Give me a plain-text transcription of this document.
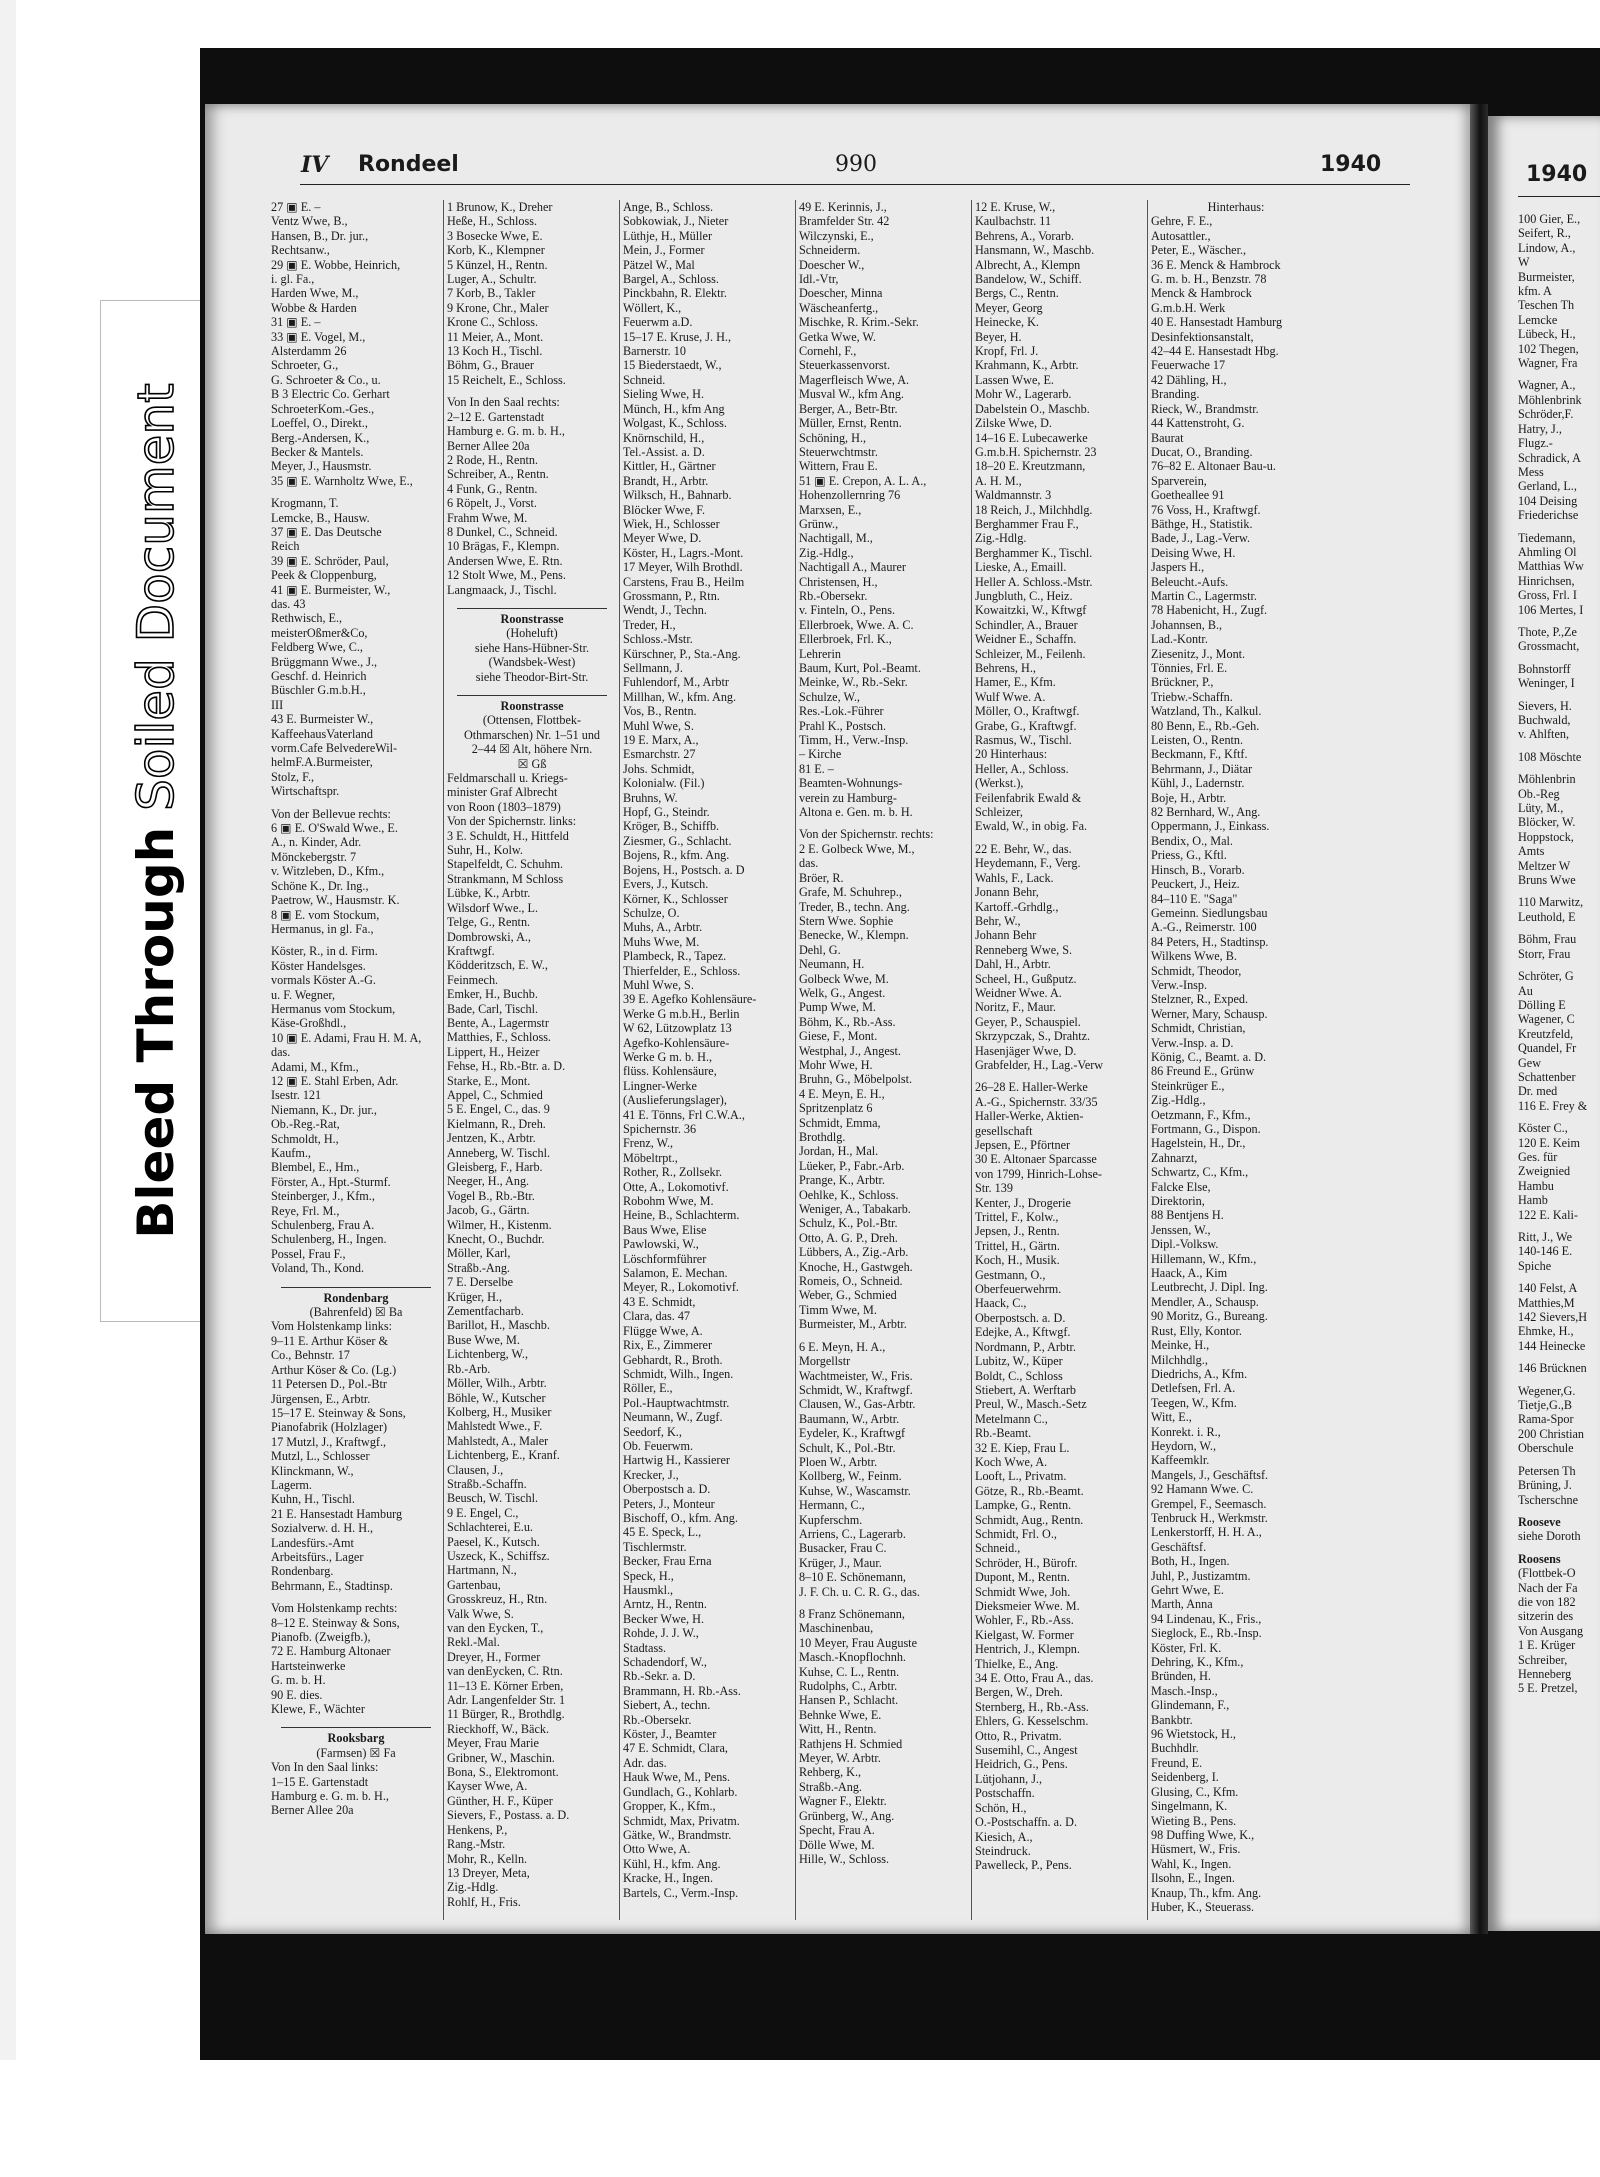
Bleed Through Soiled Document
IV Rondeel	990	1940
27 ▣ E. –
Ventz Wwe, B.,
Hansen, B., Dr. jur.,
Rechtsanw.,
29 ▣ E. Wobbe, Heinrich,
i. gl. Fa.,
Harden Wwe, M.,
Wobbe & Harden
31 ▣ E. –
33 ▣ E. Vogel, M.,
Alsterdamm 26
Schroeter, G.,
G. Schroeter & Co., u.
B 3 Electric Co. Gerhart
SchroeterKom.-Ges.,
Loeffel, O., Direkt.,
Berg.-Andersen, K.,
Becker & Mantels.
Meyer, J., Hausmstr.
35 ▣ E. Warnholtz Wwe, E.,
Krogmann, T.
Lemcke, B., Hausw.
37 ▣ E. Das Deutsche
Reich
39 ▣ E. Schröder, Paul,
Peek & Cloppenburg,
41 ▣ E. Burmeister, W.,
das. 43
Rethwisch, E.,
meisterOßmer&Co,
Feldberg Wwe, C.,
Brüggmann Wwe., J.,
Geschf. d. Heinrich
Büschler G.m.b.H.,
III
43 E. Burmeister W.,
KaffeehausVaterland
vorm.Cafe BelvedereWil-
helmF.A.Burmeister,
Stolz, F.,
Wirtschaftspr.
Von der Bellevue rechts:
6 ▣ E. O'Swald Wwe., E.
A., n. Kinder, Adr.
Mönckebergstr. 7
v. Witzleben, D., Kfm.,
Schöne K., Dr. Ing.,
Paetrow, W., Hausmstr. K.
8 ▣ E. vom Stockum,
Hermanus, in gl. Fa.,
Köster, R., in d. Firm.
Köster Handelsges.
vormals Köster A.-G.
u. F. Wegner,
Hermanus vom Stockum,
Käse-Großhdl.,
10 ▣ E. Adami, Frau H. M. A,
das.
Adami, M., Kfm.,
12 ▣ E. Stahl Erben, Adr.
Isestr. 121
Niemann, K., Dr. jur.,
Ob.-Reg.-Rat,
Schmoldt, H.,
Kaufm.,
Blembel, E., Hm.,
Förster, A., Hpt.-Sturmf.
Steinberger, J., Kfm.,
Reye, Frl. M.,
Schulenberg, Frau A.
Schulenberg, H., Ingen.
Possel, Frau F.,
Voland, Th., Kond.
Rondenbarg
(Bahrenfeld) ☒ Ba
Vom Holstenkamp links:
9–11 E. Arthur Köser &
Co., Behnstr. 17
Arthur Köser & Co. (Lg.)
11 Petersen D., Pol.-Btr
Jürgensen, E., Arbtr.
15–17 E. Steinway & Sons,
Pianofabrik (Holzlager)
17 Mutzl, J., Kraftwgf.,
Mutzl, L., Schlosser
Klinckmann, W.,
Lagerm.
Kuhn, H., Tischl.
21 E. Hansestadt Hamburg
Sozialverw. d. H. H.,
Landesfürs.-Amt
Arbeitsfürs., Lager
Rondenbarg.
Behrmann, E., Stadtinsp.
Vom Holstenkamp rechts:
8–12 E. Steinway & Sons,
Pianofb. (Zweigfb.),
72 E. Hamburg Altonaer
Hartsteinwerke
G. m. b. H.
90 E. dies.
Klewe, F., Wächter
Rooksbarg
(Farmsen) ☒ Fa
Von In den Saal links:
1–15 E. Gartenstadt
Hamburg e. G. m. b. H.,
Berner Allee 20a
1 Brunow, K., Dreher
Heße, H., Schloss.
3 Bosecke Wwe, E.
Korb, K., Klempner
5 Künzel, H., Rentn.
Luger, A., Schultr.
7 Korb, B., Takler
9 Krone, Chr., Maler
Krone C., Schloss.
11 Meier, A., Mont.
13 Koch H., Tischl.
Böhm, G., Brauer
15 Reichelt, E., Schloss.
Von In den Saal rechts:
2–12 E. Gartenstadt
Hamburg e. G. m. b. H.,
Berner Allee 20a
2 Rode, H., Rentn.
Schreiber, A., Rentn.
4 Funk, G., Rentn.
6 Röpelt, J., Vorst.
Frahm Wwe, M.
8 Dunkel, C., Schneid.
10 Brägas, F., Klempn.
Andersen Wwe, E. Rtn.
12 Stolt Wwe, M., Pens.
Langmaack, J., Tischl.
Roonstrasse
(Hoheluft)
siehe Hans-Hübner-Str.
(Wandsbek-West)
siehe Theodor-Birt-Str.
Roonstrasse
(Ottensen, Flottbek-
Othmarschen) Nr. 1–51 und
2–44 ☒ Alt, höhere Nrn.
☒ Gß
Feldmarschall u. Kriegs-
minister Graf Albrecht
von Roon (1803–1879)
Von der Spichernstr. links:
3 E. Schuldt, H., Hittfeld
Suhr, H., Kolw.
Stapelfeldt, C. Schuhm.
Strankmann, M Schloss
Lübke, K., Arbtr.
Wilsdorf Wwe., L.
Telge, G., Rentn.
Dombrowski, A.,
Kraftwgf.
Ködderitzsch, E. W.,
Feinmech.
Emker, H., Buchb.
Bade, Carl, Tischl.
Bente, A., Lagermstr
Matthies, F., Schloss.
Lippert, H., Heizer
Fehse, H., Rb.-Btr. a. D.
Starke, E., Mont.
Appel, C., Schmied
5 E. Engel, C., das. 9
Kielmann, R., Dreh.
Jentzen, K., Arbtr.
Anneberg, W. Tischl.
Gleisberg, F., Harb.
Neeger, H., Ang.
Vogel B., Rb.-Btr.
Jacob, G., Gärtn.
Wilmer, H., Kistenm.
Knecht, O., Buchdr.
Möller, Karl,
Straßb.-Ang.
7 E. Derselbe
Krüger, H.,
Zementfacharb.
Barillot, H., Maschb.
Buse Wwe, M.
Lichtenberg, W.,
Rb.-Arb.
Möller, Wilh., Arbtr.
Böhle, W., Kutscher
Kolberg, H., Musiker
Mahlstedt Wwe., F.
Mahlstedt, A., Maler
Lichtenberg, E., Kranf.
Clausen, J.,
Straßb.-Schaffn.
Beusch, W. Tischl.
9 E. Engel, C.,
Schlachterei, E.u.
Paesel, K., Kutsch.
Uszeck, K., Schiffsz.
Hartmann, N.,
Gartenbau,
Grosskreuz, H., Rtn.
Valk Wwe, S.
van den Eycken, T.,
Rekl.-Mal.
Dreyer, H., Former
van denEycken, C. Rtn.
11–13 E. Körner Erben,
Adr. Langenfelder Str. 1
11 Bürger, R., Brothdlg.
Rieckhoff, W., Bäck.
Meyer, Frau Marie
Gribner, W., Maschin.
Bona, S., Elektromont.
Kayser Wwe, A.
Günther, H. F., Küper
Sievers, F., Postass. a. D.
Henkens, P.,
Rang.-Mstr.
Mohr, R., Kelln.
13 Dreyer, Meta,
Zig.-Hdlg.
Rohlf, H., Fris.
Ange, B., Schloss.
Sobkowiak, J., Nieter
Lüthje, H., Müller
Mein, J., Former
Pätzel W., Mal
Bargel, A., Schloss.
Pinckbahn, R. Elektr.
Wöllert, K.,
Feuerwm a.D.
15–17 E. Kruse, J. H.,
Barnerstr. 10
15 Biederstaedt, W.,
Schneid.
Sieling Wwe, H.
Münch, H., kfm Ang
Wolgast, K., Schloss.
Knörnschild, H.,
Tel.-Assist. a. D.
Kittler, H., Gärtner
Brandt, H., Arbtr.
Wilksch, H., Bahnarb.
Blöcker Wwe, F.
Wiek, H., Schlosser
Meyer Wwe, D.
Köster, H., Lagrs.-Mont.
17 Meyer, Wilh Brothdl.
Carstens, Frau B., Heilm
Grossmann, P., Rtn.
Wendt, J., Techn.
Treder, H.,
Schloss.-Mstr.
Kürschner, P., Sta.-Ang.
Sellmann, J.
Fuhlendorf, M., Arbtr
Millhan, W., kfm. Ang.
Vos, B., Rentn.
Muhl Wwe, S.
19 E. Marx, A.,
Esmarchstr. 27
Johs. Schmidt,
Kolonialw. (Fil.)
Bruhns, W.
Hopf, G., Steindr.
Kröger, B., Schiffb.
Ziesmer, G., Schlacht.
Bojens, R., kfm. Ang.
Bojens, H., Postsch. a. D
Evers, J., Kutsch.
Körner, K., Schlosser
Schulze, O.
Muhs, A., Arbtr.
Muhs Wwe, M.
Plambeck, R., Tapez.
Thierfelder, E., Schloss.
Muhl Wwe, S.
39 E. Agefko Kohlensäure-
Werke G m.b.H., Berlin
W 62, Lützowplatz 13
Agefko-Kohlensäure-
Werke G m. b. H.,
flüss. Kohlensäure,
Lingner-Werke
(Auslieferungslager),
41 E. Tönns, Frl C.W.A.,
Spichernstr. 36
Frenz, W.,
Möbeltrpt.,
Rother, R., Zollsekr.
Otte, A., Lokomotivf.
Robohm Wwe, M.
Heine, B., Schlachterm.
Baus Wwe, Elise
Pawlowski, W.,
Löschformführer
Salamon, E. Mechan.
Meyer, R., Lokomotivf.
43 E. Schmidt,
Clara, das. 47
Flügge Wwe, A.
Rix, E., Zimmerer
Gebhardt, R., Broth.
Schmidt, Wilh., Ingen.
Röller, E.,
Pol.-Hauptwachtmstr.
Neumann, W., Zugf.
Seedorf, K.,
Ob. Feuerwm.
Hartwig H., Kassierer
Krecker, J.,
Oberpostsch a. D.
Peters, J., Monteur
Bischoff, O., kfm. Ang.
45 E. Speck, L.,
Tischlermstr.
Becker, Frau Erna
Speck, H.,
Hausmkl.,
Arntz, H., Rentn.
Becker Wwe, H.
Rohde, J. J. W.,
Stadtass.
Schadendorf, W.,
Rb.-Sekr. a. D.
Brammann, H. Rb.-Ass.
Siebert, A., techn.
Rb.-Obersekr.
Köster, J., Beamter
47 E. Schmidt, Clara,
Adr. das.
Hauk Wwe, M., Pens.
Gundlach, G., Kohlarb.
Gropper, K., Kfm.,
Schmidt, Max, Privatm.
Gätke, W., Brandmstr.
Otto Wwe, A.
Kühl, H., kfm. Ang.
Kracke, H., Ingen.
Bartels, C., Verm.-Insp.
49 E. Kerinnis, J.,
Bramfelder Str. 42
Wilczynski, E.,
Schneiderm.
Doescher W.,
Idl.-Vtr,
Doescher, Minna
Wäscheanfertg.,
Mischke, R. Krim.-Sekr.
Getka Wwe, W.
Cornehl, F.,
Steuerkassenvorst.
Magerfleisch Wwe, A.
Musval W., kfm Ang.
Berger, A., Betr-Btr.
Müller, Ernst, Rentn.
Schöning, H.,
Steuerwchtmstr.
Wittern, Frau E.
51 ▣ E. Crepon, A. L. A.,
Hohenzollernring 76
Marxsen, E.,
Grünw.,
Nachtigall, M.,
Zig.-Hdlg.,
Nachtigall A., Maurer
Christensen, H.,
Rb.-Obersekr.
v. Finteln, O., Pens.
Ellerbroek, Wwe. A. C.
Ellerbroek, Frl. K.,
Lehrerin
Baum, Kurt, Pol.-Beamt.
Meinke, W., Rb.-Sekr.
Schulze, W.,
Res.-Lok.-Führer
Prahl K., Postsch.
Timm, H., Verw.-Insp.
– Kirche
81 E. –
Beamten-Wohnungs-
verein zu Hamburg-
Altona e. Gen. m. b. H.
Von der Spichernstr. rechts:
2 E. Golbeck Wwe, M.,
das.
Bröer, R.
Grafe, M. Schuhrep.,
Treder, B., techn. Ang.
Stern Wwe. Sophie
Benecke, W., Klempn.
Dehl, G.
Neumann, H.
Golbeck Wwe, M.
Welk, G., Angest.
Pump Wwe, M.
Böhm, K., Rb.-Ass.
Giese, F., Mont.
Westphal, J., Angest.
Mohr Wwe, H.
Bruhn, G., Möbelpolst.
4 E. Meyn, E. H.,
Spritzenplatz 6
Schmidt, Emma,
Brothdlg.
Jordan, H., Mal.
Lüeker, P., Fabr.-Arb.
Prange, K., Arbtr.
Oehlke, K., Schloss.
Weniger, A., Tabakarb.
Schulz, K., Pol.-Btr.
Otto, A. G. P., Dreh.
Lübbers, A., Zig.-Arb.
Knoche, H., Gastwgeh.
Romeis, O., Schneid.
Weber, G., Schmied
Timm Wwe, M.
Burmeister, M., Arbtr.
6 E. Meyn, H. A.,
Morgellstr
Wachtmeister, W., Fris.
Schmidt, W., Kraftwgf.
Clausen, W., Gas-Arbtr.
Baumann, W., Arbtr.
Eydeler, K., Kraftwgf
Schult, K., Pol.-Btr.
Ploen W., Arbtr.
Kollberg, W., Feinm.
Kuhse, W., Wascamstr.
Hermann, C.,
Kupferschm.
Arriens, C., Lagerarb.
Busacker, Frau C.
Krüger, J., Maur.
8–10 E. Schönemann,
J. F. Ch. u. C. R. G., das.
8 Franz Schönemann,
Maschinenbau,
10 Meyer, Frau Auguste
Masch.-Knopflochnh.
Kuhse, C. L., Rentn.
Rudolphs, C., Arbtr.
Hansen P., Schlacht.
Behnke Wwe, E.
Witt, H., Rentn.
Rathjens H. Schmied
Meyer, W. Arbtr.
Rehberg, K.,
Straßb.-Ang.
Wagner F., Elektr.
Grünberg, W., Ang.
Specht, Frau A.
Dölle Wwe, M.
Hille, W., Schloss.
12 E. Kruse, W.,
Kaulbachstr. 11
Behrens, A., Vorarb.
Hansmann, W., Maschb.
Albrecht, A., Klempn
Bandelow, W., Schiff.
Bergs, C., Rentn.
Meyer, Georg
Heinecke, K.
Beyer, H.
Kropf, Frl. J.
Krahmann, K., Arbtr.
Lassen Wwe, E.
Mohr W., Lagerarb.
Dabelstein O., Maschb.
Zilske Wwe, D.
14–16 E. Lubecawerke
G.m.b.H. Spichernstr. 23
18–20 E. Kreutzmann,
A. H. M.,
Waldmannstr. 3
18 Reich, J., Milchhdlg.
Berghammer Frau F.,
Zig.-Hdlg.
Berghammer K., Tischl.
Lieske, A., Emaill.
Heller A. Schloss.-Mstr.
Jungbluth, C., Heiz.
Kowaitzki, W., Kftwgf
Schindler, A., Brauer
Weidner E., Schaffn.
Schleizer, M., Feilenh.
Behrens, H.,
Hamer, E., Kfm.
Wulf Wwe. A.
Möller, O., Kraftwgf.
Grabe, G., Kraftwgf.
Rasmus, W., Tischl.
20 Hinterhaus:
Heller, A., Schloss.
(Werkst.),
Feilenfabrik Ewald &
Schleizer,
Ewald, W., in obig. Fa.
22 E. Behr, W., das.
Heydemann, F., Verg.
Wahls, F., Lack.
Jonann Behr,
Kartoff.-Grhdlg.,
Behr, W.,
Johann Behr
Renneberg Wwe, S.
Dahl, H., Arbtr.
Scheel, H., Gußputz.
Weidner Wwe. A.
Noritz, F., Maur.
Geyer, P., Schauspiel.
Skrzypczak, S., Drahtz.
Hasenjäger Wwe, D.
Grabfelder, H., Lag.-Verw
26–28 E. Haller-Werke
A.-G., Spichernstr. 33/35
Haller-Werke, Aktien-
gesellschaft
Jepsen, E., Pförtner
30 E. Altonaer Sparcasse
von 1799, Hinrich-Lohse-
Str. 139
Kenter, J., Drogerie
Trittel, F., Kolw.,
Jepsen, J., Rentn.
Trittel, H., Gärtn.
Koch, H., Musik.
Gestmann, O.,
Oberfeuerwehrm.
Haack, C.,
Oberpostsch. a. D.
Edejke, A., Kftwgf.
Nordmann, P., Arbtr.
Lubitz, W., Küper
Boldt, C., Schloss
Stiebert, A. Werftarb
Preul, W., Masch.-Setz
Metelmann C.,
Rb.-Beamt.
32 E. Kiep, Frau L.
Koch Wwe, A.
Looft, L., Privatm.
Götze, R., Rb.-Beamt.
Lampke, G., Rentn.
Schmidt, Aug., Rentn.
Schmidt, Frl. O.,
Schneid.,
Schröder, H., Bürofr.
Dupont, M., Rentn.
Schmidt Wwe, Joh.
Dieksmeier Wwe. M.
Wohler, F., Rb.-Ass.
Kielgast, W. Former
Hentrich, J., Klempn.
Thielke, E., Ang.
34 E. Otto, Frau A., das.
Bergen, W., Dreh.
Sternberg, H., Rb.-Ass.
Ehlers, G. Kesselschm.
Otto, R., Privatm.
Susemihl, C., Angest
Heidrich, G., Pens.
Lütjohann, J.,
Postschaffn.
Schön, H.,
O.-Postschaffn. a. D.
Kiesich, A.,
Steindruck.
Pawelleck, P., Pens.
Hinterhaus:
Gehre, F. E.,
Autosattler.,
Peter, E., Wäscher.,
36 E. Menck & Hambrock
G. m. b. H., Benzstr. 78
Menck & Hambrock
G.m.b.H. Werk
40 E. Hansestadt Hamburg
Desinfektionsanstalt,
42–44 E. Hansestadt Hbg.
Feuerwache 17
42 Dähling, H.,
Branding.
Rieck, W., Brandmstr.
44 Kattenstroht, G.
Baurat
Ducat, O., Branding.
76–82 E. Altonaer Bau-u.
Sparverein,
Goetheallee 91
76 Voss, H., Kraftwgf.
Bäthge, H., Statistik.
Bade, J., Lag.-Verw.
Deising Wwe, H.
Jaspers H.,
Beleucht.-Aufs.
Martin C., Lagermstr.
78 Habenicht, H., Zugf.
Johannsen, B.,
Lad.-Kontr.
Ziesenitz, J., Mont.
Tönnies, Frl. E.
Brückner, P.,
Triebw.-Schaffn.
Watzland, Th., Kalkul.
80 Benn, E., Rb.-Geh.
Leisten, O., Rentn.
Beckmann, F., Kftf.
Behrmann, J., Diätar
Kühl, J., Ladernstr.
Boje, H., Arbtr.
82 Bernhard, W., Ang.
Oppermann, J., Einkass.
Bendix, O., Mal.
Priess, G., Kftl.
Hinsch, B., Vorarb.
Peuckert, J., Heiz.
84–110 E. "Saga"
Gemeinn. Siedlungsbau
A.-G., Reimerstr. 100
84 Peters, H., Stadtinsp.
Wilkens Wwe, B.
Schmidt, Theodor,
Verw.-Insp.
Stelzner, R., Exped.
Werner, Mary, Schausp.
Schmidt, Christian,
Verw.-Insp. a. D.
König, C., Beamt. a. D.
86 Freund E., Grünw
Steinkrüger E.,
Zig.-Hdlg.,
Oetzmann, F., Kfm.,
Fortmann, G., Dispon.
Hagelstein, H., Dr.,
Zahnarzt,
Schwartz, C., Kfm.,
Falcke Else,
Direktorin,
88 Bentjens H.
Jenssen, W.,
Dipl.-Volksw.
Hillemann, W., Kfm.,
Haack, A., Kim
Leutbrecht, J. Dipl. Ing.
Mendler, A., Schausp.
90 Moritz, G., Bureang.
Rust, Elly, Kontor.
Meinke, H.,
Milchhdlg.,
Diedrichs, A., Kfm.
Detlefsen, Frl. A.
Teegen, W., Kfm.
Witt, E.,
Konrekt. i. R.,
Heydorn, W.,
Kaffeemklr.
Mangels, J., Geschäftsf.
92 Hamann Wwe. C.
Grempel, F., Seemasch.
Tenbruck H., Werkmstr.
Lenkerstorff, H. H. A.,
Geschäftsf.
Both, H., Ingen.
Juhl, P., Justizamtm.
Gehrt Wwe, E.
Marth, Anna
94 Lindenau, K., Fris.,
Sieglock, E., Rb.-Insp.
Köster, Frl. K.
Dehring, K., Kfm.,
Bründen, H.
Masch.-Insp.,
Glindemann, F.,
Bankbtr.
96 Wietstock, H.,
Buchhdlr.
Freund, E.
Seidenberg, I.
Glusing, C., Kfm.
Singelmann, K.
Wieting B., Pens.
98 Duffing Wwe, K.,
Hüsmert, W., Fris.
Wahl, K., Ingen.
Ilsohn, E., Ingen.
Knaup, Th., kfm. Ang.
Huber, K., Steuerass.
1940
100 Gier, E.,
Seifert, R.,
Lindow, A.,
W
Burmeister,
kfm. A
Teschen Th
Lemcke
Lübeck, H.,
102 Thegen,
Wagner, Fra
Wagner, A.,
Möhlenbrink
Schröder,F.
Hatry, J.,
Flugz.-
Schradick, A
Mess
Gerland, L.,
104 Deising
Friederichse
Tiedemann,
Ahmling Ol
Matthias Ww
Hinrichsen,
Gross, Frl. I
106 Mertes, I
Thote, P.,Ze
Grossmacht,
Bohnstorff
Weninger, I
Sievers, H.
Buchwald,
v. Ahlften,
108 Möschte
Möhlenbrin
Ob.-Reg
Lüty, M.,
Blöcker, W.
Hoppstock,
Amts
Meltzer W
Bruns Wwe
110 Marwitz,
Leuthold, E
Böhm, Frau
Storr, Frau
Schröter, G
Au
Dölling E
Wagener, C
Kreutzfeld,
Quandel, Fr
Gew
Schattenber
Dr. med
116 E. Frey &
Köster C.,
120 E. Keim
Ges. für
Zweignied
Hambu
Hamb
122 E. Kali-
Ritt, J., We
140-146 E.
Spiche
140 Felst, A
Matthies,M
142 Sievers,H
Ehmke, H.,
144 Heinecke
146 Brücknen
Wegener,G.
Tietje,G.,B
Rama-Spor
200 Christian
Oberschule
Petersen Th
Brüning, J.
Tscherschne
Rooseve
siehe Doroth
Roosens
(Flottbek-O
Nach der Fa
die von 182
sitzerin des
Von Ausgang
1 E. Krüger
Schreiber,
Henneberg
5 E. Pretzel,
